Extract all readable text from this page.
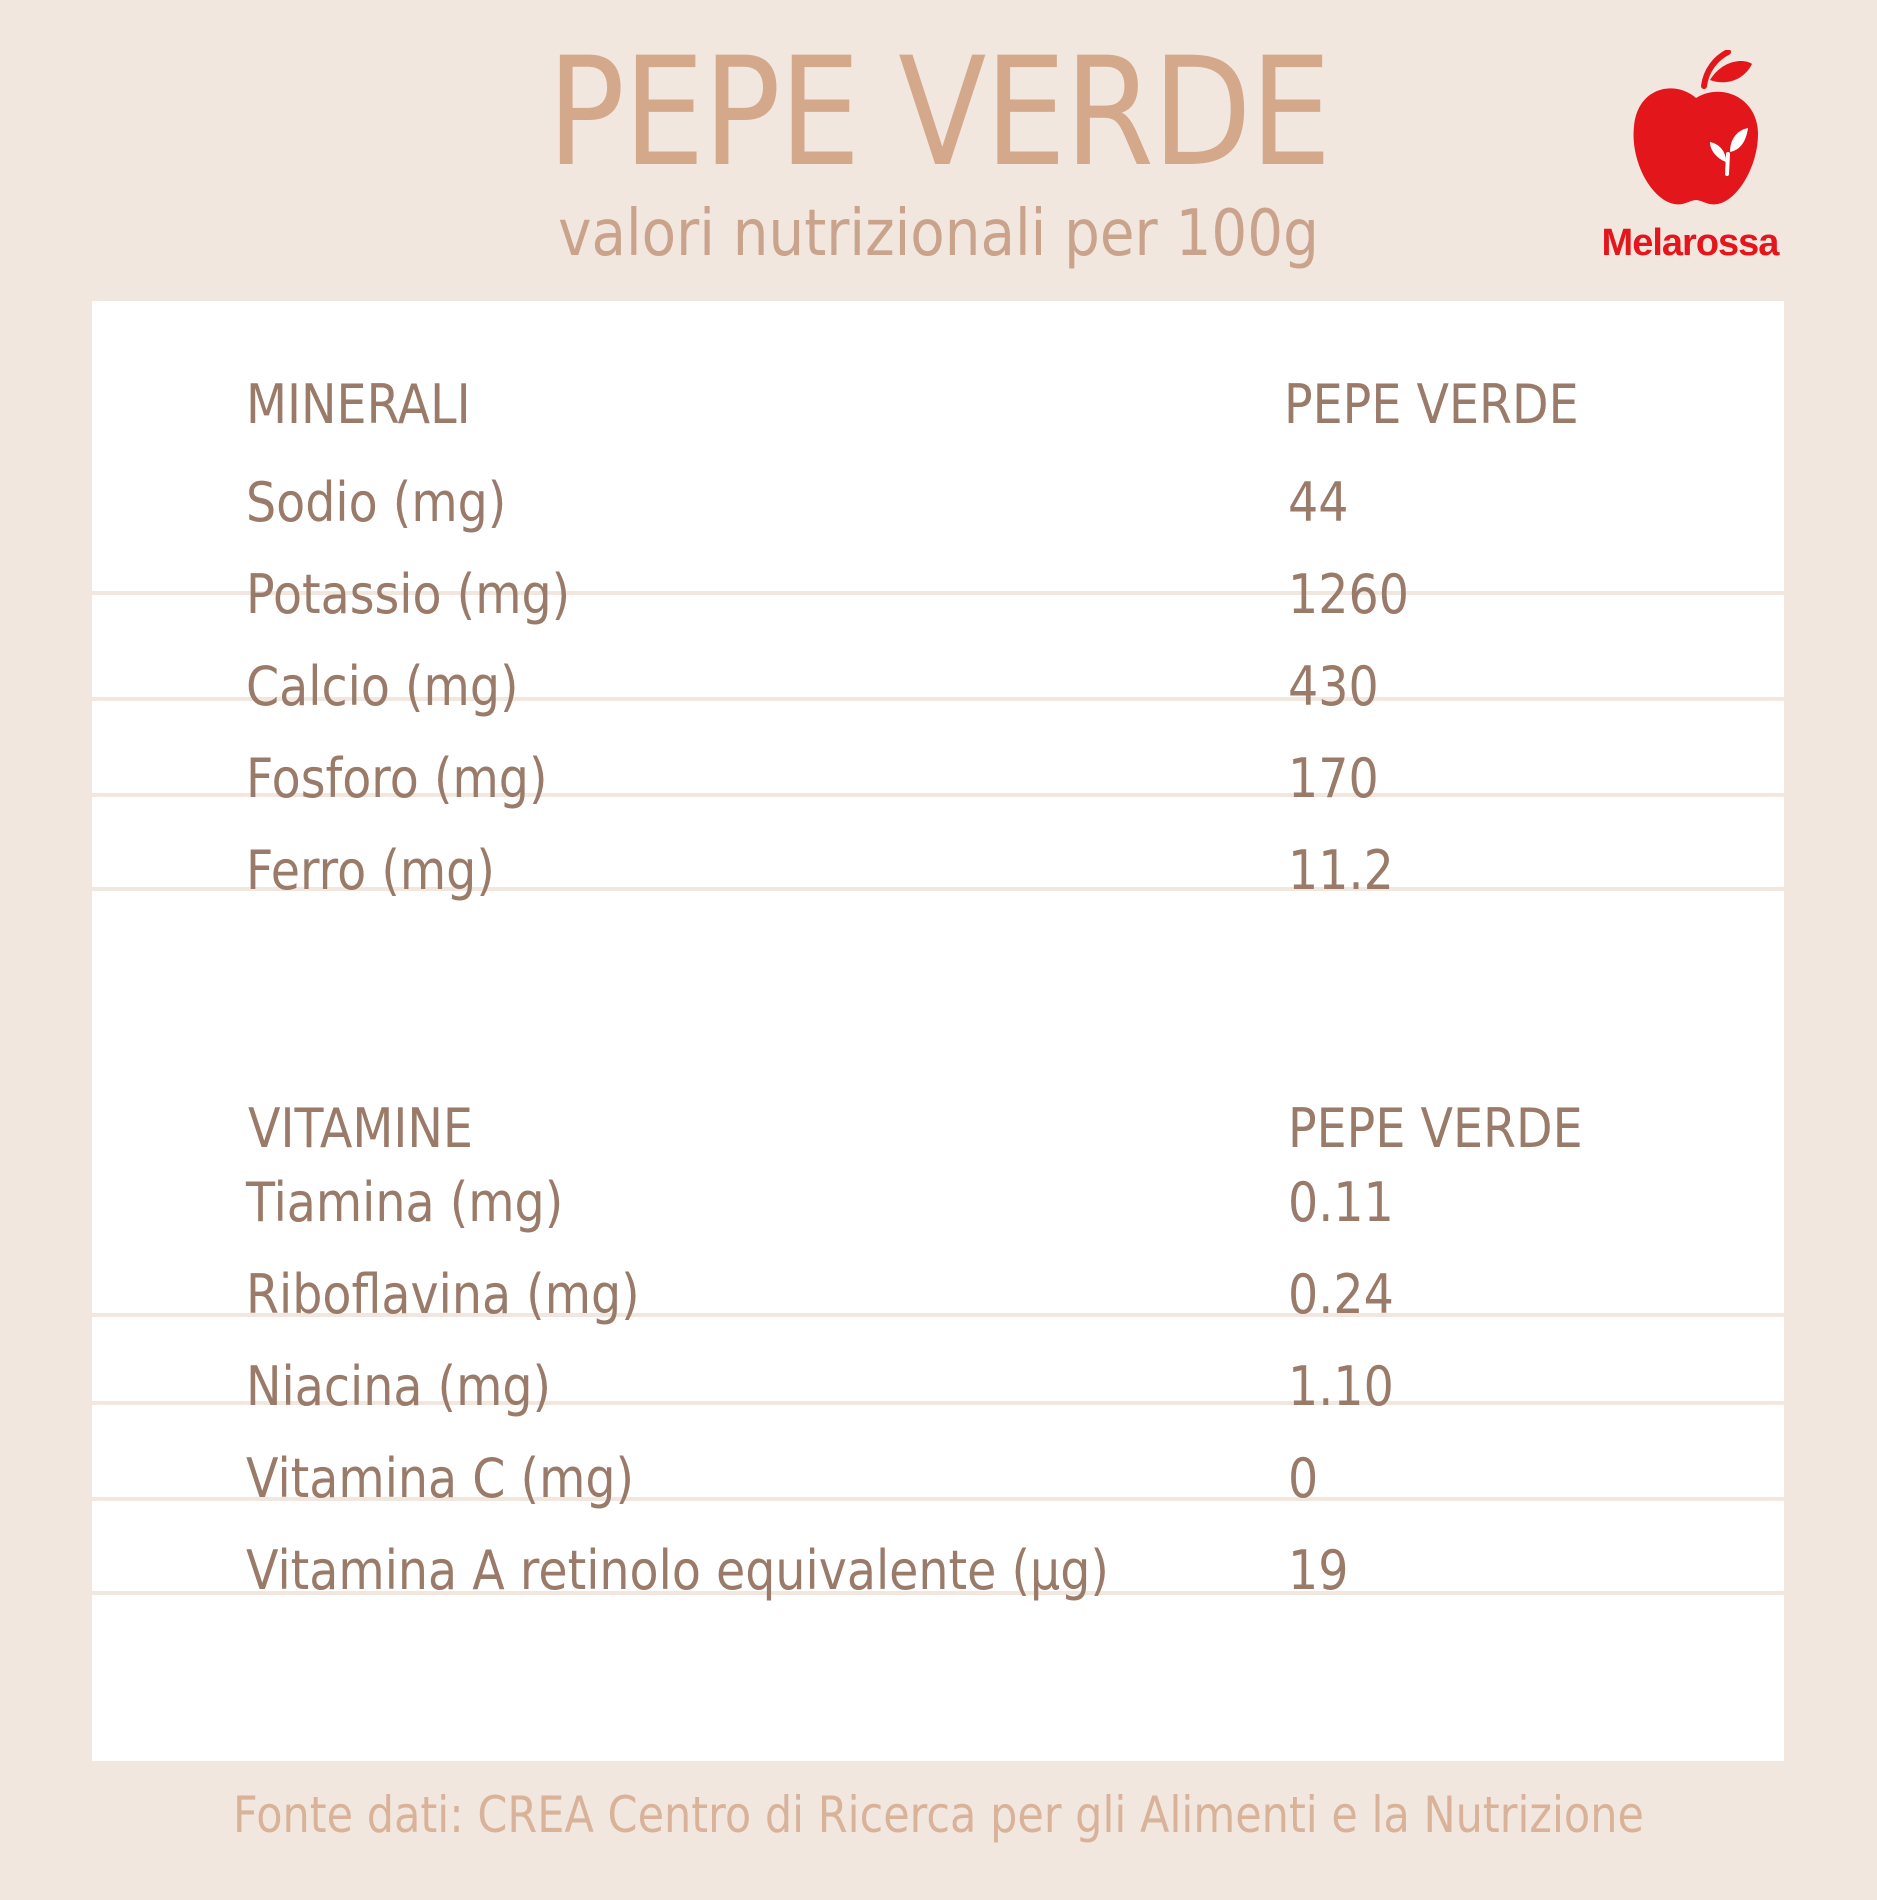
PEPE VERDE
valori nutrizionali per 100g	Melarossa
MINERALI	PEPE VERDE
Sodio (mg)	44
Potassio (mg)	1260
Calcio (mg)	430
Fosforo (mg)	170
Ferro (mg)	11.2
VITAMINE	PEPE VERDE
Tiamina (mg)	0.11
Riboflavina (mg)	0.24
Niacina (mg)	1.10
Vitamina C (mg)	0
Vitamina A retinolo equivalente (µg)	19
Fonte dati: CREA Centro di Ricerca per gli Alimenti e la Nutrizione
